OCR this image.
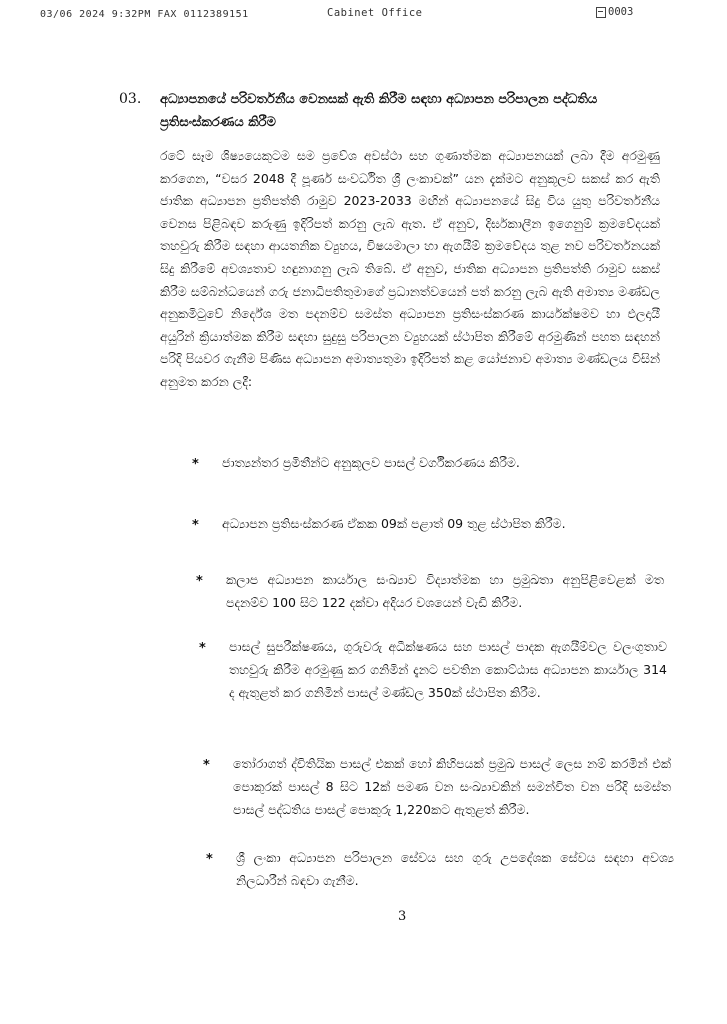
03/06 2024 9:32PM FAX 0112389151	Cabinet Office	0003
03. අධ්‍යාපනයේ පරිවර්තනීය වෙනසක් ඇති කිරීම සඳහා අධ්‍යාපන පරිපාලන පද්ධතිය ප්‍රතිසංස්කරණය කිරීම
රටේ සෑම ශිෂ්‍යයෙකුටම සම ප්‍රවේශ අවස්ථා සහ ගුණාත්මක අධ්‍යාපනයක් ලබා දීම අරමුණු කරගෙන, “වසර 2048 දී පූර්ණ සංවර්ධිත ශ්‍රී ලංකාවක්” යන දැක්මට අනුකූලව සකස් කර ඇති ජාතික අධ්‍යාපන ප්‍රතිපත්ති රාමුව 2023-2033 මඟින් අධ්‍යාපනයේ සිදු විය යුතු පරිවර්තනීය වෙනස පිළිබඳව කරුණු ඉදිරිපත් කරනු ලැබ ඇත. ඒ අනුව, දිර්ඝකාලීන ඉගෙනුම් ක්‍රමවේදයක් තහවුරු කිරීම සඳහා ආයතනික ව්‍යුහය, විෂයමාලා හා ඇගයීම් ක්‍රමවේදය තුළ නව පරිවර්තනයක් සිදු කිරීමේ අවශ්‍යතාව හඳුනාගනු ලැබ තිබේ. ඒ අනුව, ජාතික අධ්‍යාපන ප්‍රතිපත්ති රාමුව සකස් කිරීම සම්බන්ධයෙන් ගරු ජනාධිපතිතුමාගේ ප්‍රධානත්වයෙන් පත් කරනු ලැබ ඇති අමාත්‍ය මණ්ඩල අනුකමිටුවේ නිර්දේශ මත පදනම්ව සමස්ත අධ්‍යාපන ප්‍රතිසංස්කරණ කාර්යක්ෂමව හා ඵලදායී අයුරින් ක්‍රියාත්මක කිරීම සඳහා සුදුසු පරිපාලන ව්‍යුහයක් ස්ථාපිත කිරීමේ අරමුණින් පහත සඳහන් පරිදි පියවර ගැනීම පිණිස අධ්‍යාපන අමාත්‍යතුමා ඉදිරිපත් කළ යෝජනාව අමාත්‍ය මණ්ඩලය විසින් අනුමත කරන ලදී:
* ජාත්‍යන්තර ප්‍රමිතීන්ට අනුකූලව පාසල් වර්ගීකරණය කිරීම.
* අධ්‍යාපන ප්‍රතිසංස්කරණ ඒකක 09ක් පළාත් 09 තුළ ස්ථාපිත කිරීම.
* කලාප අධ්‍යාපන කාර්යාල සංඛ්‍යාව විද්‍යාත්මක හා ප්‍රමුඛතා අනුපිළිවෙළක් මත පදනම්ව 100 සිට 122 දක්වා අදියර වශයෙන් වැඩි කිරීම.
* පාසල් සුපරීක්ෂණය, ගුරුවරු අධීක්ෂණය සහ පාසල් පාදක ඇගයීම්වල වලංගුතාව තහවුරු කිරීම අරමුණු කර ගනිමින් දැනට පවතින කොට්ඨාස අධ්‍යාපන කාර්යාල 314 ද ඇතුළත් කර ගනිමින් පාසල් මණ්ඩල 350ක් ස්ථාපිත කිරීම.
* තෝරාගත් ද්විතියික පාසල් එකක් හෝ කිහිපයක් ප්‍රමුඛ පාසල් ලෙස නම් කරමින් එක් පොකුරක් පාසල් 8 සිට 12ක් පමණ වන සංඛ්‍යාවකින් සමන්විත වන පරිදි සමස්ත පාසල් පද්ධතිය පාසල් පොකුරු 1,220කට ඇතුළත් කිරීම.
* ශ්‍රී ලංකා අධ්‍යාපන පරිපාලන සේවය සහ ගුරු උපදේශක සේවය සඳහා අවශ්‍ය නිලධාරීන් බඳවා ගැනීම.
3
